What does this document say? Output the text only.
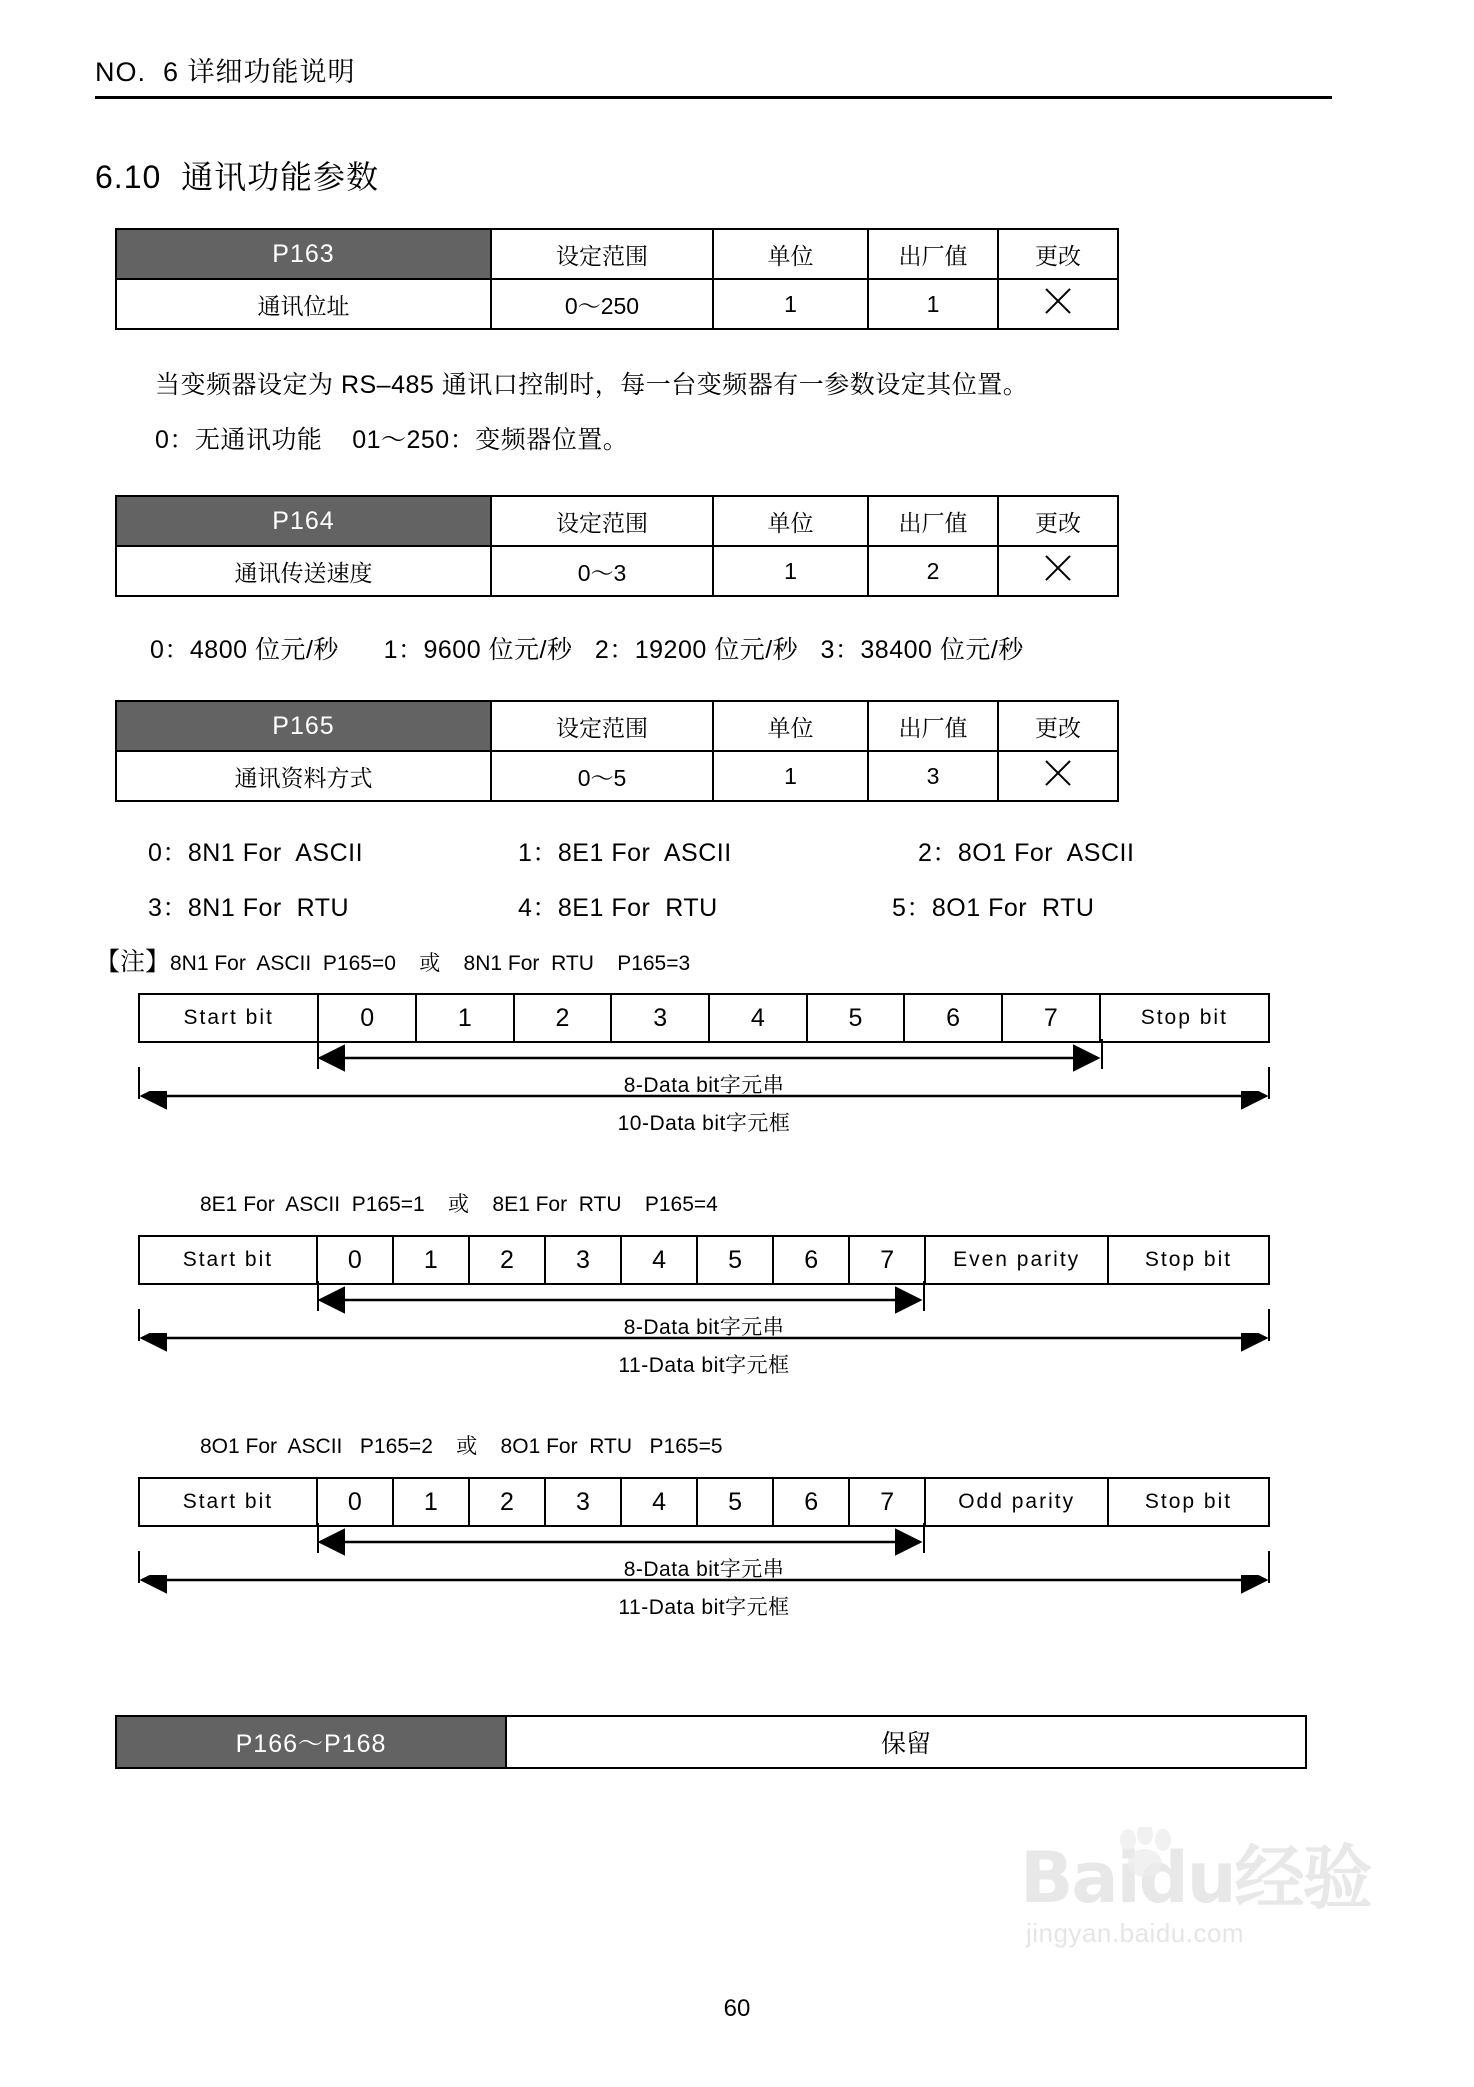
NO.  6 详细功能说明
6.10  通讯功能参数
P163	设定范围	单位	出厂值	更改
通讯位址	0～250	1	1	
当变频器设定为 RS–485 通讯口控制时，每一台变频器有一参数设定其位置。
0：无通讯功能    01～250：变频器位置。
P164	设定范围	单位	出厂值	更改
通讯传送速度	0～3	1	2	
0：4800 位元/秒      1：9600 位元/秒   2：19200 位元/秒   3：38400 位元/秒
P165	设定范围	单位	出厂值	更改
通讯资料方式	0～5	1	3	
0：8N1 For  ASCII	1：8E1 For  ASCII	2：8O1 For  ASCII
3：8N1 For  RTU	4：8E1 For  RTU	5：8O1 For  RTU
【注】 8N1 For  ASCII  P165=0    或    8N1 For  RTU    P165=3
Start bit	0	1	2	3	4	5	6	7	Stop bit
8-Data bit字元串
10-Data bit字元框
8E1 For  ASCII  P165=1    或    8E1 For  RTU    P165=4
Start bit	0	1	2	3	4	5	6	7	Even parity	Stop bit
8-Data bit字元串
11-Data bit字元框
8O1 For  ASCII   P165=2    或    8O1 For  RTU   P165=5
Start bit	0	1	2	3	4	5	6	7	Odd parity	Stop bit
8-Data bit字元串
11-Data bit字元框
P166～P168	保留
Baidu经验
jingyan.baidu.com
60
